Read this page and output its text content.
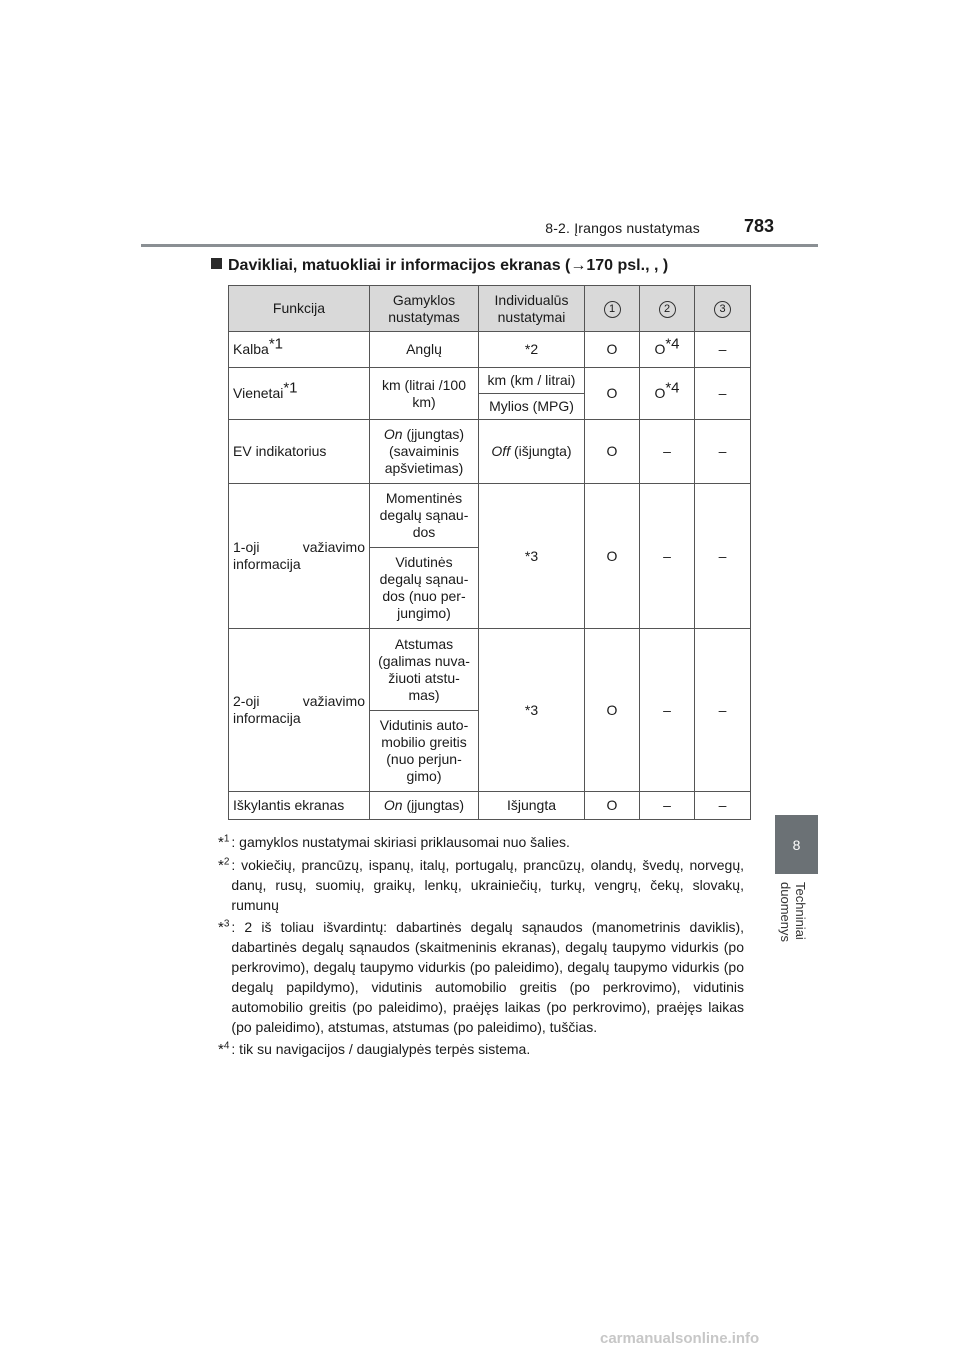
8-2. Įrangos nustatymas	783
8
Techniniai duomenys
Davikliai, matuokliai ir informacijos ekranas (→170 psl., , )
Funkcija	Gamyklos nustatymas	Individualūs nustatymai	1	2	3
Kalba$^{*1}$	Anglų	*2	O	$O^{*4}$	–
Vienetai$^{*1}$	km (litrai /100 km)	km (km / litrai)	O	$O^{*4}$	–
		Mylios (MPG)			
EV indikatorius	On (įjungtas) (savaiminis apšvietimas)	Off (išjungta)	O	–	–
1-oji važiavimo informacija	Momentinės degalų sąnau-dos	*3	O	–	–
	Vidutinės degalų sąnau-dos (nuo per-jungimo)				
2-oji važiavimo informacija	Atstumas (galimas nuva-žiuoti atstu-mas)	*3	O	–	–
	Vidutinis auto-mobilio greitis (nuo perjun-gimo)				
Iškylantis ekranas	On (įjungtas)	Išjungta	O	–	–
*$^1$ : gamyklos nustatymai skiriasi priklausomai nuo šalies.
*$^2$ : vokiečių, prancūzų, ispanų, italų, portugalų, prancūzų, olandų, švedų, norvegų, danų, rusų, suomių, graikų, lenkų, ukrainiečių, turkų, vengrų, čekų, slovakų, rumunų
*$^3$ : 2 iš toliau išvardintų: dabartinės degalų sąnaudos (manometrinis daviklis), dabartinės degalų sąnaudos (skaitmeninis ekranas), degalų taupymo vidurkis (po perkrovimo), degalų taupymo vidurkis (po paleidimo), degalų taupymo vidurkis (po degalų papildymo), vidutinis automobilio greitis (po perkrovimo), vidutinis automobilio greitis (po paleidimo), praėjęs laikas (po perkrovimo), praėjęs laikas (po paleidimo), atstumas, atstumas (po paleidimo), tuščias.
*$^4$ : tik su navigacijos / daugialypės terpės sistema.
carmanualsonline.info
